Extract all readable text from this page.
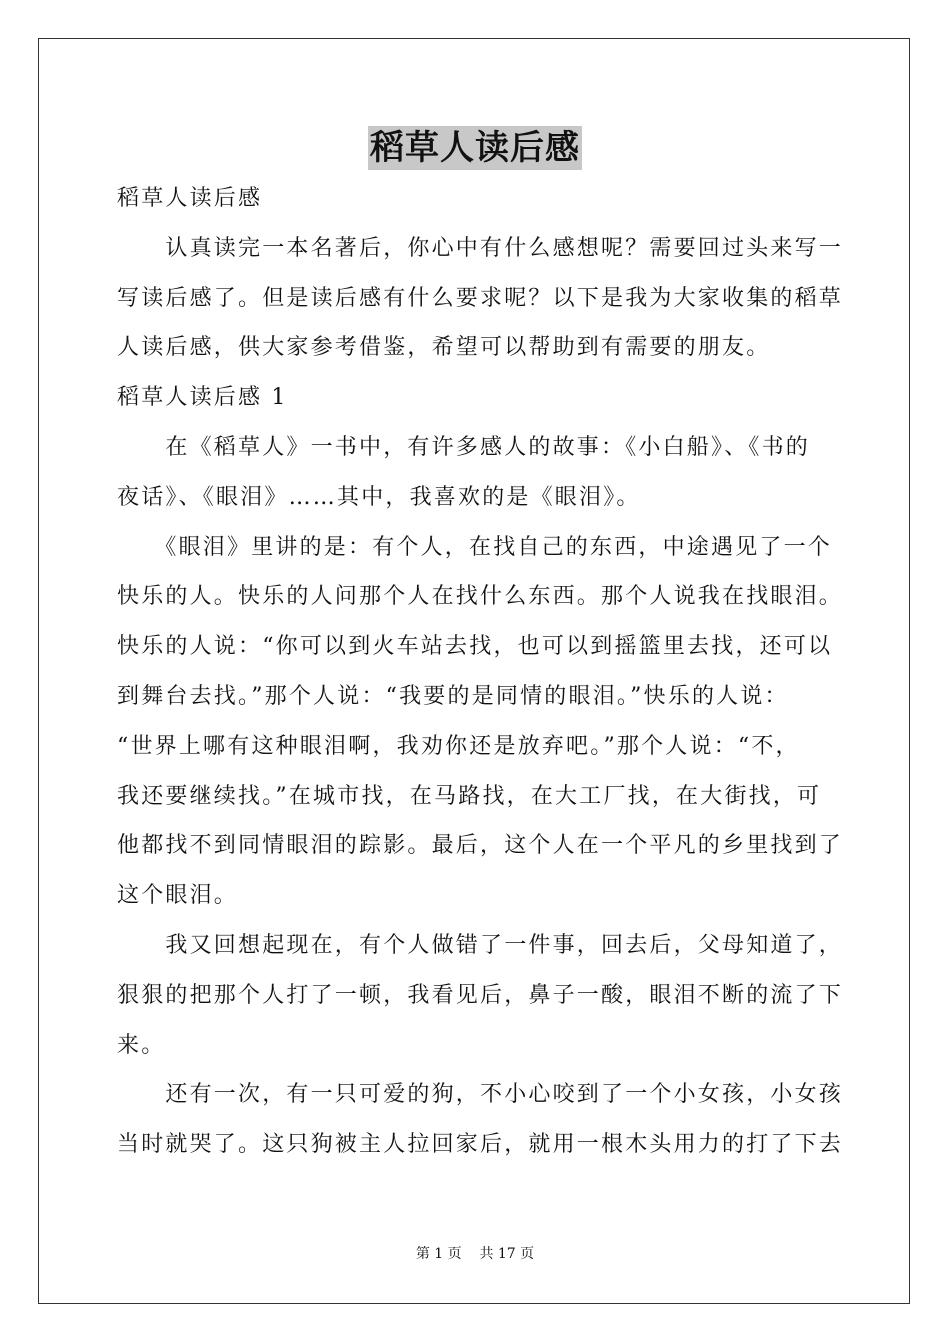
稻草人读后感

稻草人读后感

　　认真读完一本名著后，你心中有什么感想呢？需要回过头来写一

写读后感了。但是读后感有什么要求呢？以下是我为大家收集的稻草

人读后感，供大家参考借鉴，希望可以帮助到有需要的朋友。

稻草人读后感 1

　　在《稻草人》一书中，有许多感人的故事：《小白船》、《书的

夜话》、《眼泪》……其中，我喜欢的是《眼泪》。

　　《眼泪》里讲的是：有个人，在找自己的东西，中途遇见了一个

快乐的人。快乐的人问那个人在找什么东西。那个人说我在找眼泪。

快乐的人说：“你可以到火车站去找，也可以到摇篮里去找，还可以

到舞台去找。”那个人说：“我要的是同情的眼泪。”快乐的人说：

“世界上哪有这种眼泪啊，我劝你还是放弃吧。”那个人说：“不，

我还要继续找。”在城市找，在马路找，在大工厂找，在大街找，可

他都找不到同情眼泪的踪影。最后，这个人在一个平凡的乡里找到了

这个眼泪。

　　我又回想起现在，有个人做错了一件事，回去后，父母知道了，

狠狠的把那个人打了一顿，我看见后，鼻子一酸，眼泪不断的流了下

来。

　　还有一次，有一只可爱的狗，不小心咬到了一个小女孩，小女孩

当时就哭了。这只狗被主人拉回家后，就用一根木头用力的打了下去

第 1 页 共 17 页
